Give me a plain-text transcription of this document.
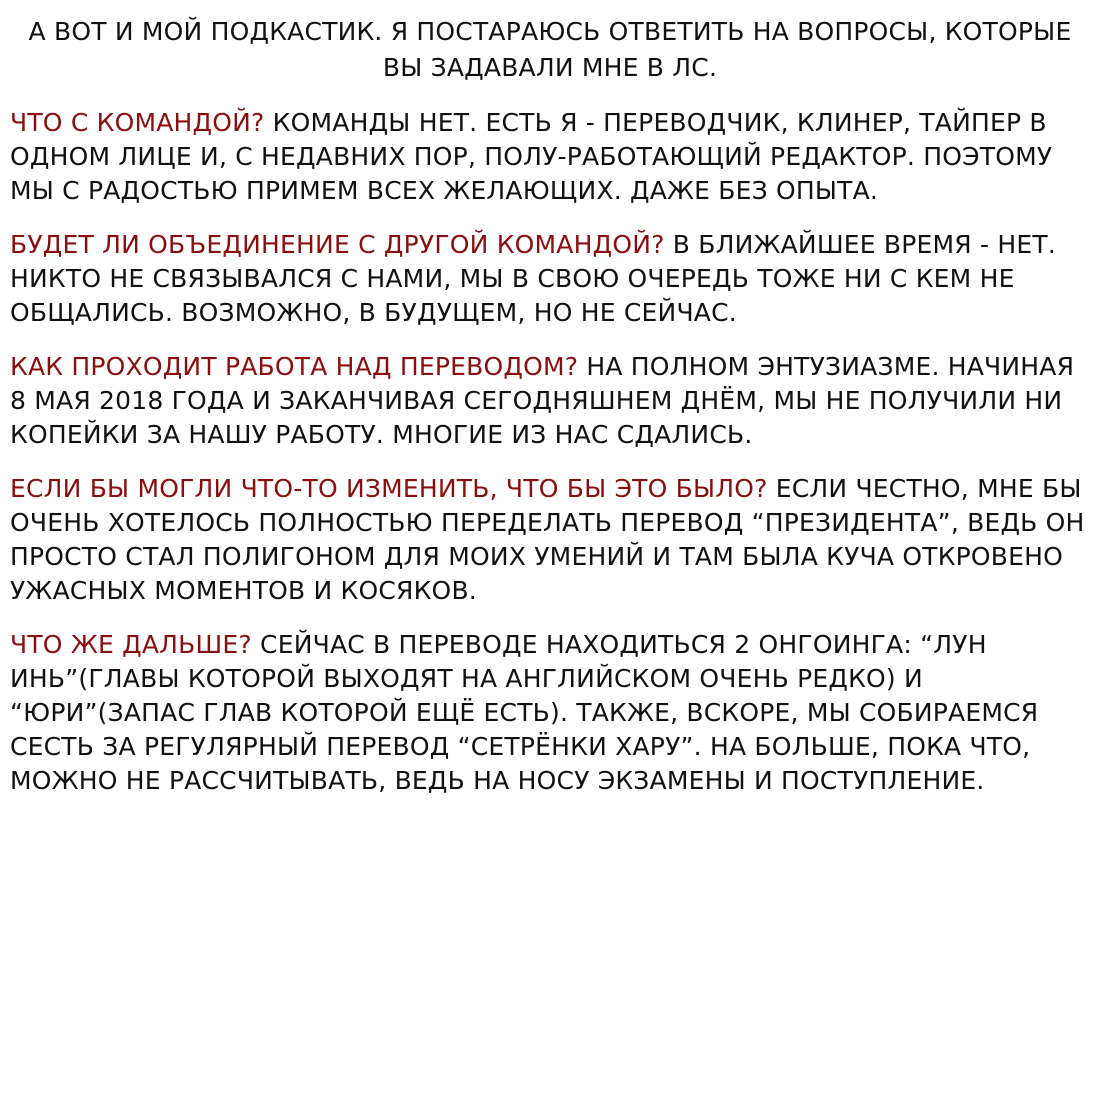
А ВОТ И МОЙ ПОДКАСТИК. Я ПОСТАРАЮСЬ ОТВЕТИТЬ НА ВОПРОСЫ, КОТОРЫЕ ВЫ ЗАДАВАЛИ МНЕ В ЛС.

ЧТО С КОМАНДОЙ? КОМАНДЫ НЕТ. ЕСТЬ Я - ПЕРЕВОДЧИК, КЛИНЕР, ТАЙПЕР В ОДНОМ ЛИЦЕ И, С НЕДАВНИХ ПОР, ПОЛУ-РАБОТАЮЩИЙ РЕДАКТОР. ПОЭТОМУ МЫ С РАДОСТЬЮ ПРИМЕМ ВСЕХ ЖЕЛАЮЩИХ. ДАЖЕ БЕЗ ОПЫТА.

БУДЕТ ЛИ ОБЪЕДИНЕНИЕ С ДРУГОЙ КОМАНДОЙ? В БЛИЖАЙШЕЕ ВРЕМЯ - НЕТ. НИКТО НЕ СВЯЗЫВАЛСЯ С НАМИ, МЫ В СВОЮ ОЧЕРЕДЬ ТОЖЕ НИ С КЕМ НЕ ОБЩАЛИСЬ. ВОЗМОЖНО, В БУДУЩЕМ, НО НЕ СЕЙЧАС.

КАК ПРОХОДИТ РАБОТА НАД ПЕРЕВОДОМ? НА ПОЛНОМ ЭНТУЗИАЗМЕ. НАЧИНАЯ 8 МАЯ 2018 ГОДА И ЗАКАНЧИВАЯ СЕГОДНЯШНЕМ ДНЁМ, МЫ НЕ ПОЛУЧИЛИ НИ КОПЕЙКИ ЗА НАШУ РАБОТУ. МНОГИЕ ИЗ НАС СДАЛИСЬ.

ЕСЛИ БЫ МОГЛИ ЧТО-ТО ИЗМЕНИТЬ, ЧТО БЫ ЭТО БЫЛО? ЕСЛИ ЧЕСТНО, МНЕ БЫ ОЧЕНЬ ХОТЕЛОСЬ ПОЛНОСТЬЮ ПЕРЕДЕЛАТЬ ПЕРЕВОД “ПРЕЗИДЕНТА”, ВЕДЬ ОН ПРОСТО СТАЛ ПОЛИГОНОМ ДЛЯ МОИХ УМЕНИЙ И ТАМ БЫЛА КУЧА ОТКРОВЕНО УЖАСНЫХ МОМЕНТОВ И КОСЯКОВ.

ЧТО ЖЕ ДАЛЬШЕ? СЕЙЧАС В ПЕРЕВОДЕ НАХОДИТЬСЯ 2 ОНГОИНГА: “ЛУН ИНЬ”(ГЛАВЫ КОТОРОЙ ВЫХОДЯТ НА АНГЛИЙСКОМ ОЧЕНЬ РЕДКО) И “ЮРИ”(ЗАПАС ГЛАВ КОТОРОЙ ЕЩЁ ЕСТЬ). ТАКЖЕ, ВСКОРЕ, МЫ СОБИРАЕМСЯ СЕСТЬ ЗА РЕГУЛЯРНЫЙ ПЕРЕВОД “СЕТРЁНКИ ХАРУ”. НА БОЛЬШЕ, ПОКА ЧТО, МОЖНО НЕ РАССЧИТЫВАТЬ, ВЕДЬ НА НОСУ ЭКЗАМЕНЫ И ПОСТУПЛЕНИЕ.
